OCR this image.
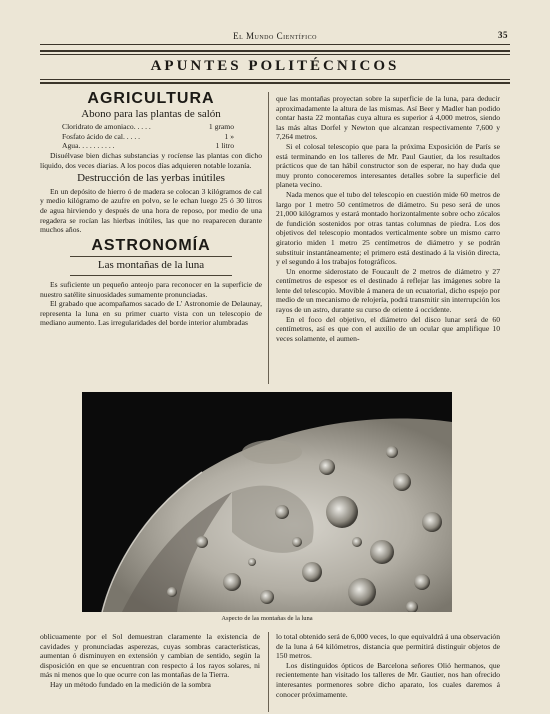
El Mundo Científico	35
APUNTES POLITÉCNICOS
AGRICULTURA
Abono para las plantas de salón
Cloridrato de amoniaco. . . . .	1 gramo
Fosfato ácido de cal. . . . .	1 »
Agua. . . . . . . . . .	1 litro

Disuélvase bien dichas substancias y rocíense las plantas con dicho líquido, dos veces diarias. A los pocos días adquieren notable lozanía.

Destrucción de las yerbas inútiles

En un depósito de hierro ó de madera se colocan 3 kilógramos de cal y medio kilógramo de azufre en polvo, se le echan luego 25 ó 30 litros de agua hirviendo y después de una hora de reposo, por medio de una regadera se rocían las hierbas inútiles, las que no reaparecen durante muchos años.

ASTRONOMÍA
Las montañas de la luna

Es suficiente un pequeño anteojo para reconocer en la superficie de nuestro satélite sinuosidades sumamente pronunciadas.

El grabado que acompañamos sacado de L' Astronomie de Delaunay, representa la luna en su primer cuarto vista con un telescopio de mediano aumento. Las irregularidades del borde interior alumbradas

que las montañas proyectan sobre la superficie de la luna, para deducir aproximadamente la altura de las mismas. Así Beer y Madler han podido contar hasta 22 montañas cuya altura es superior á 4,000 metros, siendo las más altas Dorfel y Newton que alcanzan respectivamente 7,600 y 7,264 metros.

Si el colosal telescopio que para la próxima Exposición de París se está terminando en los talleres de Mr. Paul Gautier, da los resultados prácticos que de tan hábil constructor son de esperar, no hay duda que muy pronto conoceremos interesantes detalles sobre la superficie del planeta vecino.

Nada menos que el tubo del telescopio en cuestión mide 60 metros de largo por 1 metro 50 centímetros de diámetro. Su peso será de unos 21,000 kilógramos y estará montado horizontalmente sobre ocho zócalos de fundición sostenidos por otras tantas columnas de piedra. Los dos objetivos del telescopio montados verticalmente sobre un mismo carro giratorio miden 1 metro 25 centímetros de diámetro y se podrán substituir instantáneamente; el primero está destinado á la visión directa, y el segundo á los trabajos fotográficos.

Un enorme siderostato de Foucault de 2 metros de diámetro y 27 centímetros de espesor es el destinado á reflejar las imágenes sobre la lente del telescopio. Movible á manera de un ecuatorial, dicho espejo por medio de un mecanismo de relojería, podrá transmitir sin interrupción los rayos de un astro, durante su curso de oriente á occidente.

En el foco del objetivo, el diámetro del disco lunar será de 60 centímetros, así es que con el auxilio de un ocular que amplifique 10 veces solamente, el aumen-

Aspecto de las montañas de la luna

oblicuamente por el Sol demuestran claramente la existencia de cavidades y pronunciadas asperezas, cuyas sombras características, aumentan ó disminuyen en extensión y cambian de sentido, según la disposición en que se encuentran con respecto á los rayos solares, ni más ni menos que lo que ocurre con las montañas de la Tierra.

Hay un método fundado en la medición de la sombra

lo total obtenido será de 6,000 veces, lo que equivaldrá á una observación de la luna á 64 kilómetros, distancia que permitirá distinguir objetos de 150 metros.

Los distinguidos ópticos de Barcelona señores Olió hermanos, que recientemente han visitado los talleres de Mr. Gautier, nos han ofrecido interesantes pormenores sobre dicho aparato, los cuales daremos á conocer próximamente.
